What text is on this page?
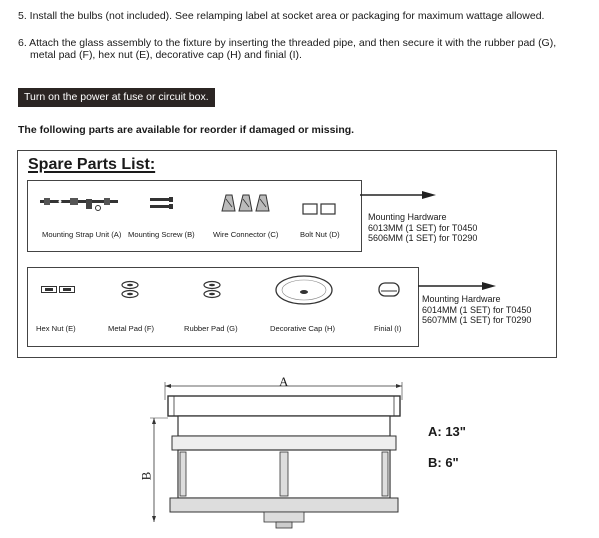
5. Install the bulbs (not included). See relamping label at socket area or packaging for maximum wattage allowed.
6. Attach the glass assembly to the fixture by inserting the threaded pipe, and then secure it with the rubber pad (G),
metal pad (F), hex nut (E), decorative cap (H) and finial (I).
Turn on the power at fuse or circuit box.
The following parts are available for reorder if damaged or missing.
Spare Parts List:
Mounting Strap Unit (A) Mounting Screw (B) Wire Connector (C)	Bolt Nut (D)
Mounting Hardware
6013MM (1 SET) for T0450
5606MM (1 SET) for T0290
Hex Nut (E)	Metal Pad (F)	Rubber Pad (G)	Decorative Cap (H)	Finial (I)
Mounting Hardware
6014MM (1 SET) for T0450
5607MM (1 SET) for T0290
A
B
A: 13"
B: 6"
